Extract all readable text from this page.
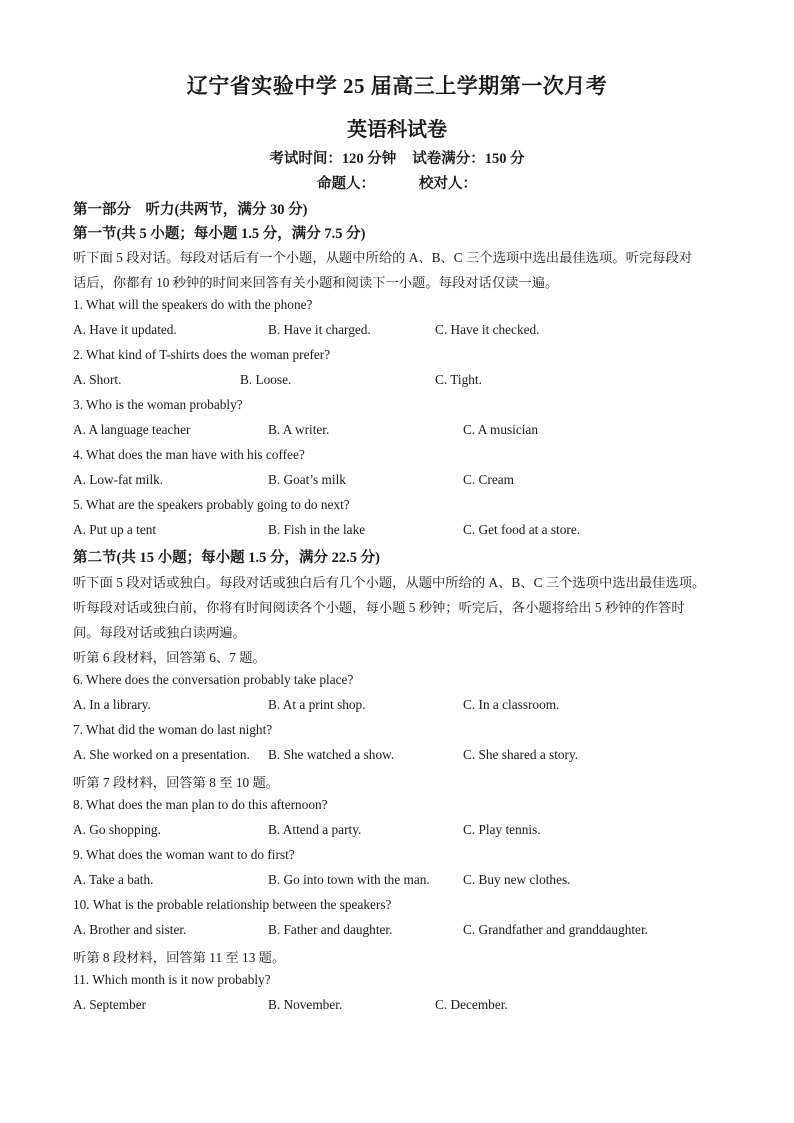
辽宁省实验中学 25 届高三上学期第一次月考
英语科试卷
考试时间：120 分钟 试卷满分：150 分
命题人：	校对人：
第一部分　听力(共两节，满分 30 分)
第一节(共 5 小题；每小题 1.5 分，满分 7.5 分)
听下面 5 段对话。每段对话后有一个小题，从题中所给的 A、B、C 三个选项中选出最佳选项。听完每段对
话后，你都有 10 秒钟的时间来回答有关小题和阅读下一小题。每段对话仅读一遍。
1. What will the speakers do with the phone?
A. Have it updated.	B. Have it charged.	C. Have it checked.
2. What kind of T-shirts does the woman prefer?
A. Short.	B. Loose.	C. Tight.
3. Who is the woman probably?
A. A language teacher	B. A writer.	C. A musician
4. What does the man have with his coffee?
A. Low-fat milk.	B. Goat’s milk	C. Cream
5. What are the speakers probably going to do next?
A. Put up a tent	B. Fish in the lake	C. Get food at a store.
第二节(共 15 小题；每小题 1.5 分，满分 22.5 分)
听下面 5 段对话或独白。每段对话或独白后有几个小题，从题中所给的 A、B、C 三个选项中选出最佳选项。
听每段对话或独白前，你将有时间阅读各个小题，每小题 5 秒钟；听完后，各小题将给出 5 秒钟的作答时
间。每段对话或独白读两遍。
听第 6 段材料，回答第 6、7 题。
6. Where does the conversation probably take place?
A. In a library.	B. At a print shop.	C. In a classroom.
7. What did the woman do last night?
A. She worked on a presentation. B. She watched a show.	C. She shared a story.
听第 7 段材料，回答第 8 至 10 题。
8. What does the man plan to do this afternoon?
A. Go shopping.	B. Attend a party.	C. Play tennis.
9. What does the woman want to do first?
A. Take a bath.	B. Go into town with the man. C. Buy new clothes.
10. What is the probable relationship between the speakers?
A. Brother and sister.	B. Father and daughter.	C. Grandfather and granddaughter.
听第 8 段材料，回答第 11 至 13 题。
11. Which month is it now probably?
A. September	B. November.	C. December.
